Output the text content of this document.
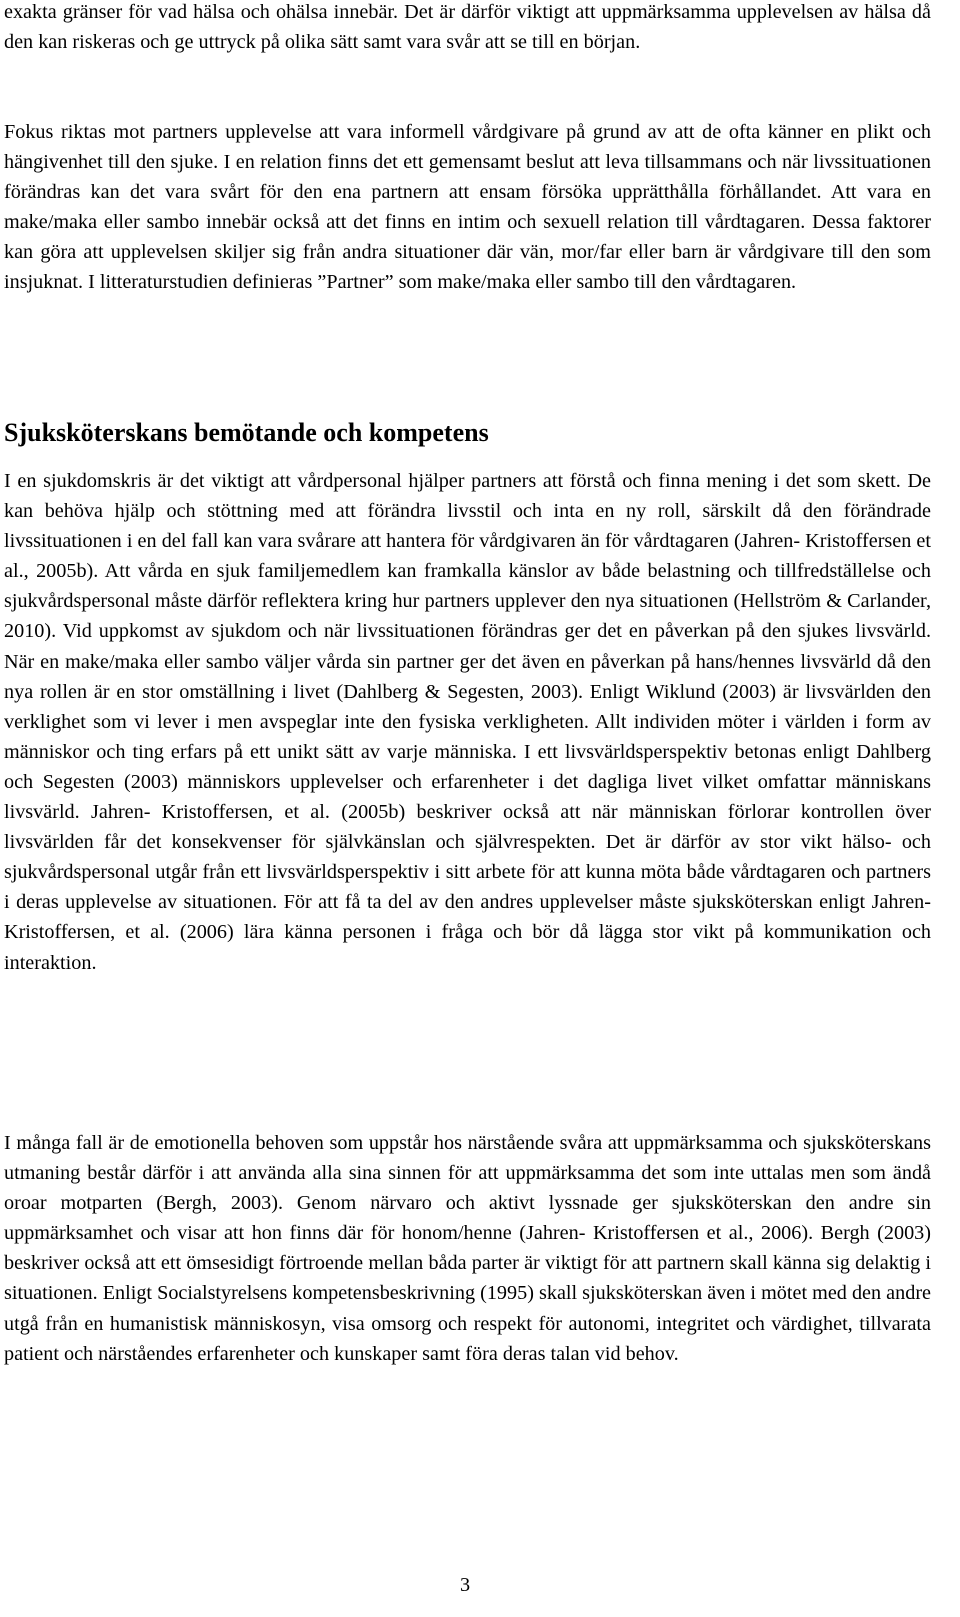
exakta gränser för vad hälsa och ohälsa innebär. Det är därför viktigt att uppmärksamma upplevelsen av hälsa då den kan riskeras och ge uttryck på olika sätt samt vara svår att se till en början.

Fokus riktas mot partners upplevelse att vara informell vårdgivare på grund av att de ofta känner en plikt och hängivenhet till den sjuke. I en relation finns det ett gemensamt beslut att leva tillsammans och när livssituationen förändras kan det vara svårt för den ena partnern att ensam försöka upprätthålla förhållandet. Att vara en make/maka eller sambo innebär också att det finns en intim och sexuell relation till vårdtagaren. Dessa faktorer kan göra att upplevelsen skiljer sig från andra situationer där vän, mor/far eller barn är vårdgivare till den som insjuknat. I litteraturstudien definieras ”Partner” som make/maka eller sambo till den vårdtagaren.

Sjuksköterskans bemötande och kompetens

I en sjukdomskris är det viktigt att vårdpersonal hjälper partners att förstå och finna mening i det som skett. De kan behöva hjälp och stöttning med att förändra livsstil och inta en ny roll, särskilt då den förändrade livssituationen i en del fall kan vara svårare att hantera för vårdgivaren än för vårdtagaren (Jahren- Kristoffersen et al., 2005b). Att vårda en sjuk familjemedlem kan framkalla känslor av både belastning och tillfredställelse och sjukvårdspersonal måste därför reflektera kring hur partners upplever den nya situationen (Hellström & Carlander, 2010). Vid uppkomst av sjukdom och när livssituationen förändras ger det en påverkan på den sjukes livsvärld. När en make/maka eller sambo väljer vårda sin partner ger det även en påverkan på hans/hennes livsvärld då den nya rollen är en stor omställning i livet (Dahlberg & Segesten, 2003). Enligt Wiklund (2003) är livsvärlden den verklighet som vi lever i men avspeglar inte den fysiska verkligheten. Allt individen möter i världen i form av människor och ting erfars på ett unikt sätt av varje människa. I ett livsvärldsperspektiv betonas enligt Dahlberg och Segesten (2003) människors upplevelser och erfarenheter i det dagliga livet vilket omfattar människans livsvärld. Jahren- Kristoffersen, et al. (2005b) beskriver också att när människan förlorar kontrollen över livsvärlden får det konsekvenser för självkänslan och självrespekten. Det är därför av stor vikt hälso- och sjukvårdspersonal utgår från ett livsvärldsperspektiv i sitt arbete för att kunna möta både vårdtagaren och partners i deras upplevelse av situationen. För att få ta del av den andres upplevelser måste sjuksköterskan enligt Jahren- Kristoffersen, et al. (2006) lära känna personen i fråga och bör då lägga stor vikt på kommunikation och interaktion.

I många fall är de emotionella behoven som uppstår hos närstående svåra att uppmärksamma och sjuksköterskans utmaning består därför i att använda alla sina sinnen för att uppmärksamma det som inte uttalas men som ändå oroar motparten (Bergh, 2003). Genom närvaro och aktivt lyssnade ger sjuksköterskan den andre sin uppmärksamhet och visar att hon finns där för honom/henne (Jahren- Kristoffersen et al., 2006). Bergh (2003) beskriver också att ett ömsesidigt förtroende mellan båda parter är viktigt för att partnern skall känna sig delaktig i situationen. Enligt Socialstyrelsens kompetensbeskrivning (1995) skall sjuksköterskan även i mötet med den andre utgå från en humanistisk människosyn, visa omsorg och respekt för autonomi, integritet och värdighet, tillvarata patient och närståendes erfarenheter och kunskaper samt föra deras talan vid behov.

3
